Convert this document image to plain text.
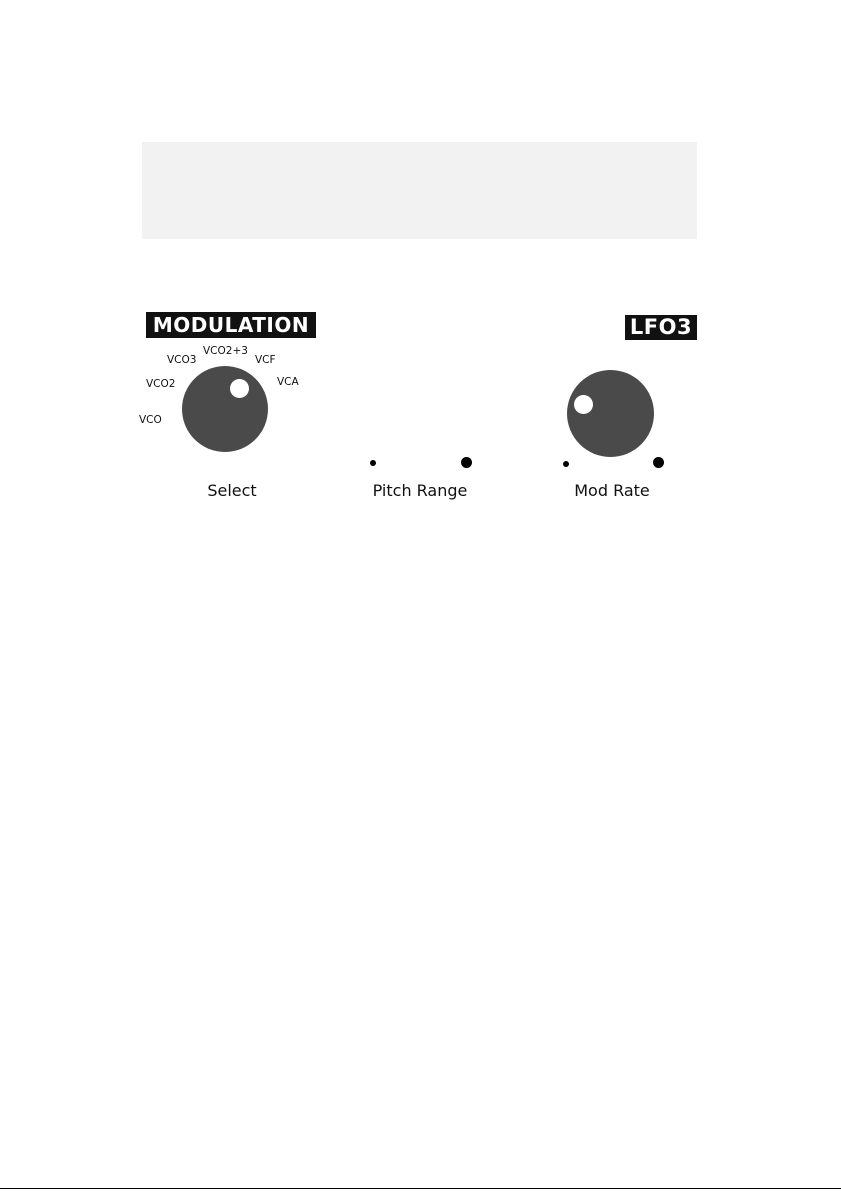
MODULATION	LFO3
VCO
VCO2
VCO3
VCO2+3
VCF
VCA
Select	Pitch Range	Mod Rate
